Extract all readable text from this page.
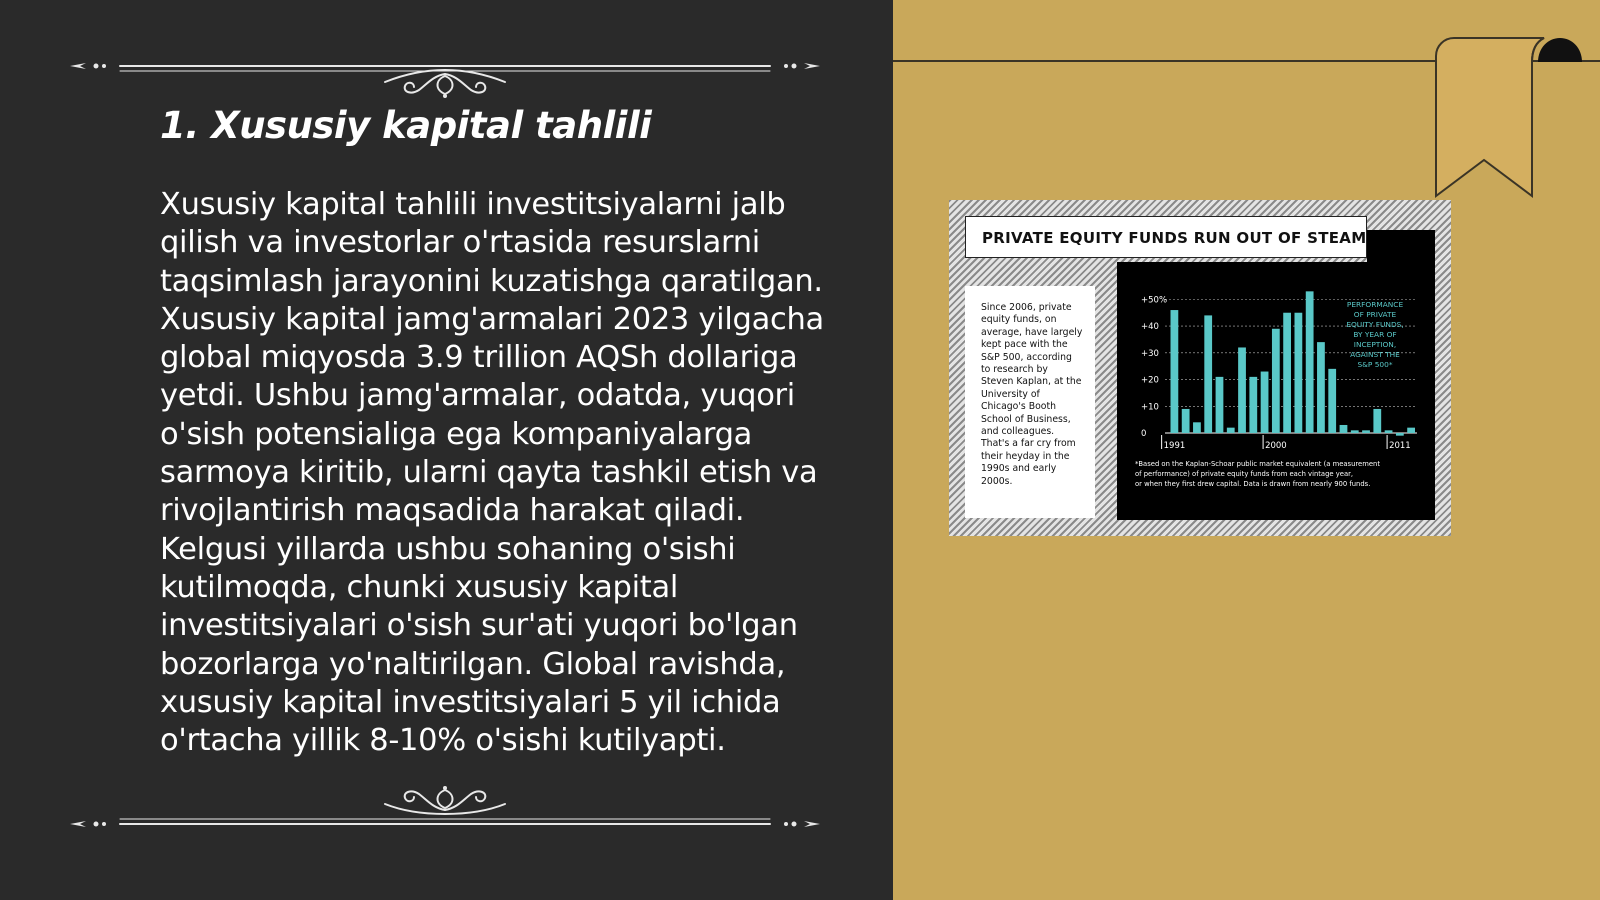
1. Xususiy kapital tahlili

Xususiy kapital tahlili investitsiyalarni jalb qilish va investorlar o'rtasida resurslarni taqsimlash jarayonini kuzatishga qaratilgan. Xususiy kapital jamg'armalari 2023 yilgacha global miqyosda 3.9 trillion AQSh dollariga yetdi. Ushbu jamg'armalar, odatda, yuqori o'sish potensialiga ega kompaniyalarga sarmoya kiritib, ularni qayta tashkil etish va rivojlantirish maqsadida harakat qiladi. Kelgusi yillarda ushbu sohaning o'sishi kutilmoqda, chunki xususiy kapital investitsiyalari o'sish sur'ati yuqori bo'lgan bozorlarga yo'naltirilgan. Global ravishda, xususiy kapital investitsiyalari 5 yil ichida o'rtacha yillik 8-10% o'sishi kutilyapti.

PRIVATE EQUITY FUNDS RUN OUT OF STEAM
Since 2006, private equity funds, on average, have largely kept pace with the S&P 500, according to research by Steven Kaplan, at the University of Chicago's Booth School of Business, and colleagues. That's a far cry from their heyday in the 1990s and early 2000s.
0
+10
+20
+30
+40
+50%
1991	2000	2011
PERFORMANCE
OF PRIVATE
EQUITY FUNDS,
BY YEAR OF
INCEPTION,
AGAINST THE
S&P 500*
*Based on the Kaplan-Schoar public market equivalent (a measurement
of performance) of private equity funds from each vintage year,
or when they first drew capital. Data is drawn from nearly 900 funds.
